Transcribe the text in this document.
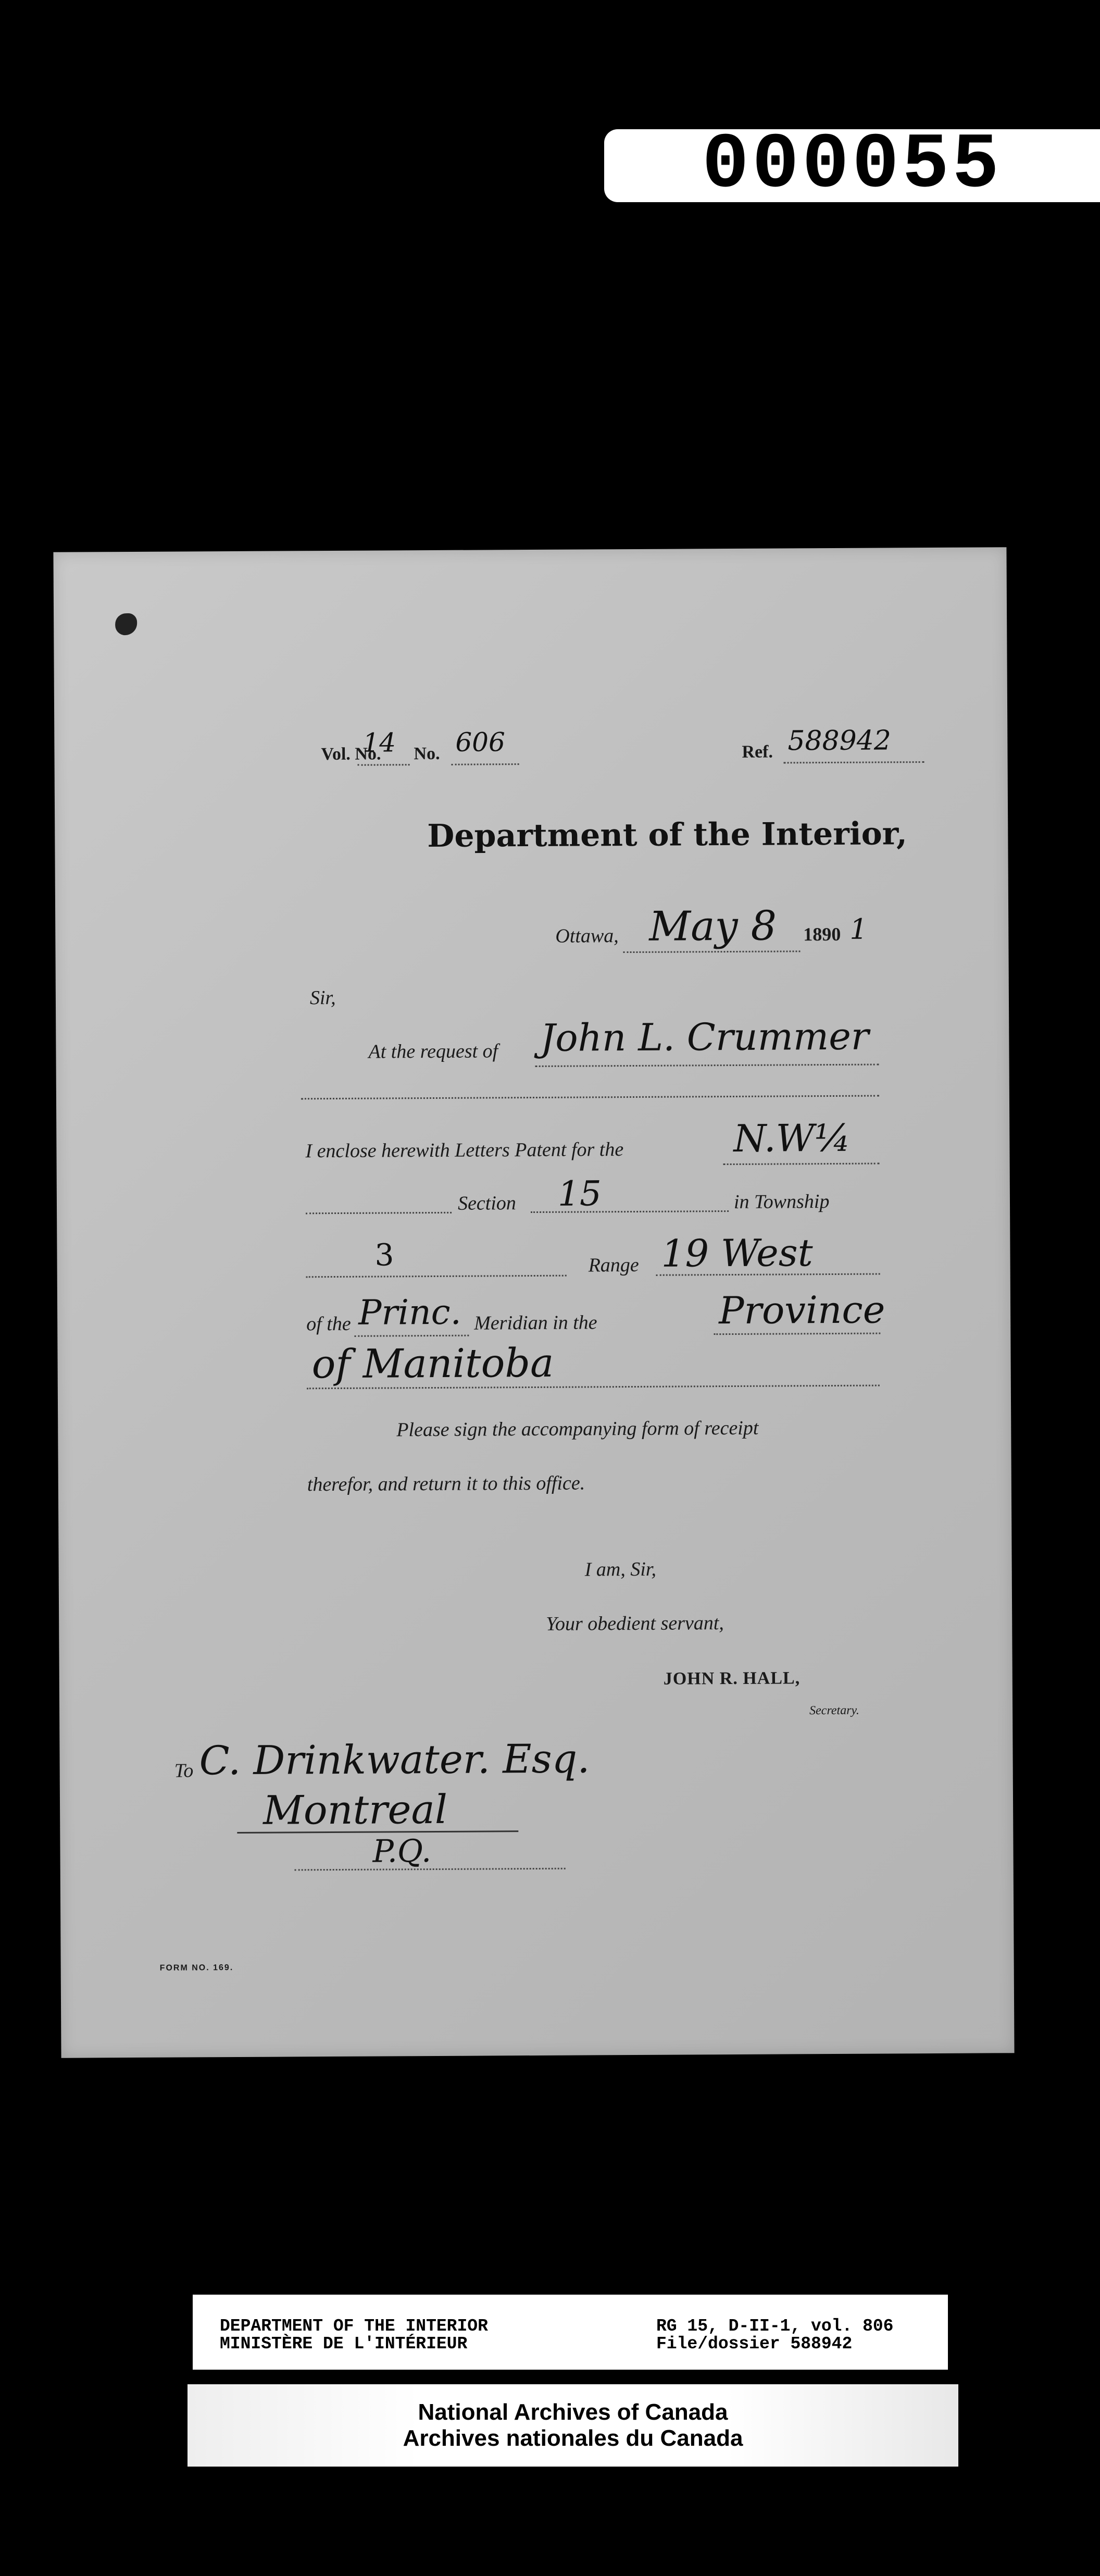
000055
Vol. No.
14 No. 606	Ref. 588942
Department of the Interior,
Ottawa, May 8 1890 1
Sir,
At the request of John L. Crummer
I enclose herewith Letters Patent for the	N.W¼
Section 15	in Township
3	Range 19 West
of the Princ. Meridian in the	Province
of Manitoba
Please sign the accompanying form of receipt
therefor, and return it to this office.
I am, Sir,
Your obedient servant,
JOHN R. HALL,
Secretary.
To C. Drinkwater. Esq.
Montreal
P.Q.
FORM NO. 169.
DEPARTMENT OF THE INTERIOR
MINISTÈRE DE L'INTÉRIEUR
RG 15, D-II-1, vol. 806
File/dossier 588942
National Archives of Canada
Archives nationales du Canada
